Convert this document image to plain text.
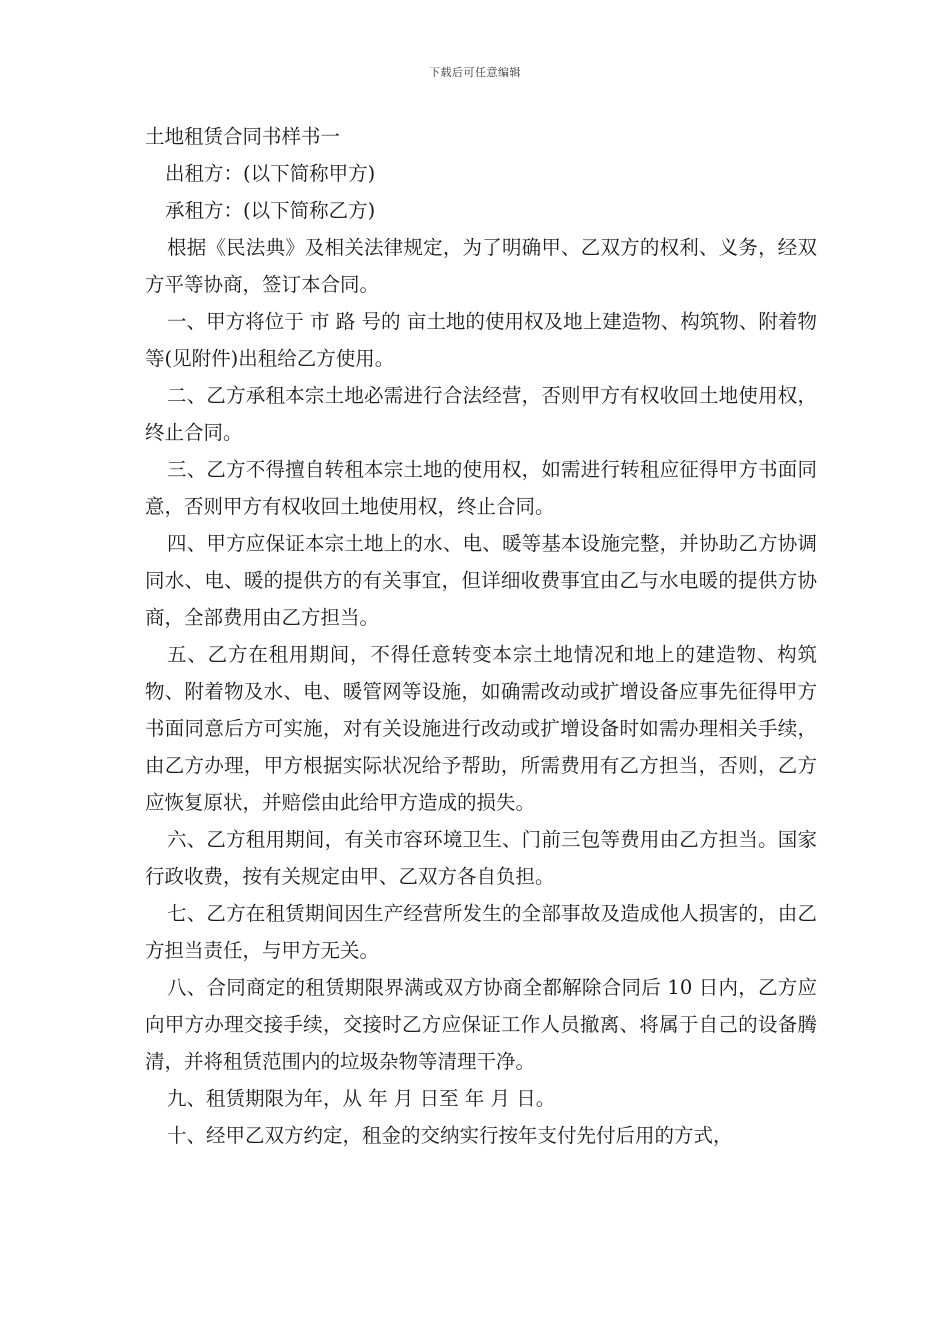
下载后可任意编辑
土地租赁合同书样书一

出租方：(以下简称甲方)

承租方：(以下简称乙方)

根据《民法典》及相关法律规定，为了明确甲、乙双方的权利、义务，经双方平等协商，签订本合同。

一、甲方将位于 市 路 号的 亩土地的使用权及地上建造物、构筑物、附着物等(见附件)出租给乙方使用。

二、乙方承租本宗土地必需进行合法经营，否则甲方有权收回土地使用权，终止合同。

三、乙方不得擅自转租本宗土地的使用权，如需进行转租应征得甲方书面同意，否则甲方有权收回土地使用权，终止合同。

四、甲方应保证本宗土地上的水、电、暖等基本设施完整，并协助乙方协调同水、电、暖的提供方的有关事宜，但详细收费事宜由乙与水电暖的提供方协商，全部费用由乙方担当。

五、乙方在租用期间，不得任意转变本宗土地情况和地上的建造物、构筑物、附着物及水、电、暖管网等设施，如确需改动或扩增设备应事先征得甲方书面同意后方可实施，对有关设施进行改动或扩增设备时如需办理相关手续，由乙方办理，甲方根据实际状况给予帮助，所需费用有乙方担当，否则，乙方应恢复原状，并赔偿由此给甲方造成的损失。

六、乙方租用期间，有关市容环境卫生、门前三包等费用由乙方担当。国家行政收费，按有关规定由甲、乙双方各自负担。

七、乙方在租赁期间因生产经营所发生的全部事故及造成他人损害的，由乙方担当责任，与甲方无关。

八、合同商定的租赁期限界满或双方协商全都解除合同后 10 日内，乙方应向甲方办理交接手续，交接时乙方应保证工作人员撤离、将属于自己的设备腾清，并将租赁范围内的垃圾杂物等清理干净。

九、租赁期限为年，从 年 月 日至 年 月 日。

十、经甲乙双方约定，租金的交纳实行按年支付先付后用的方式，
